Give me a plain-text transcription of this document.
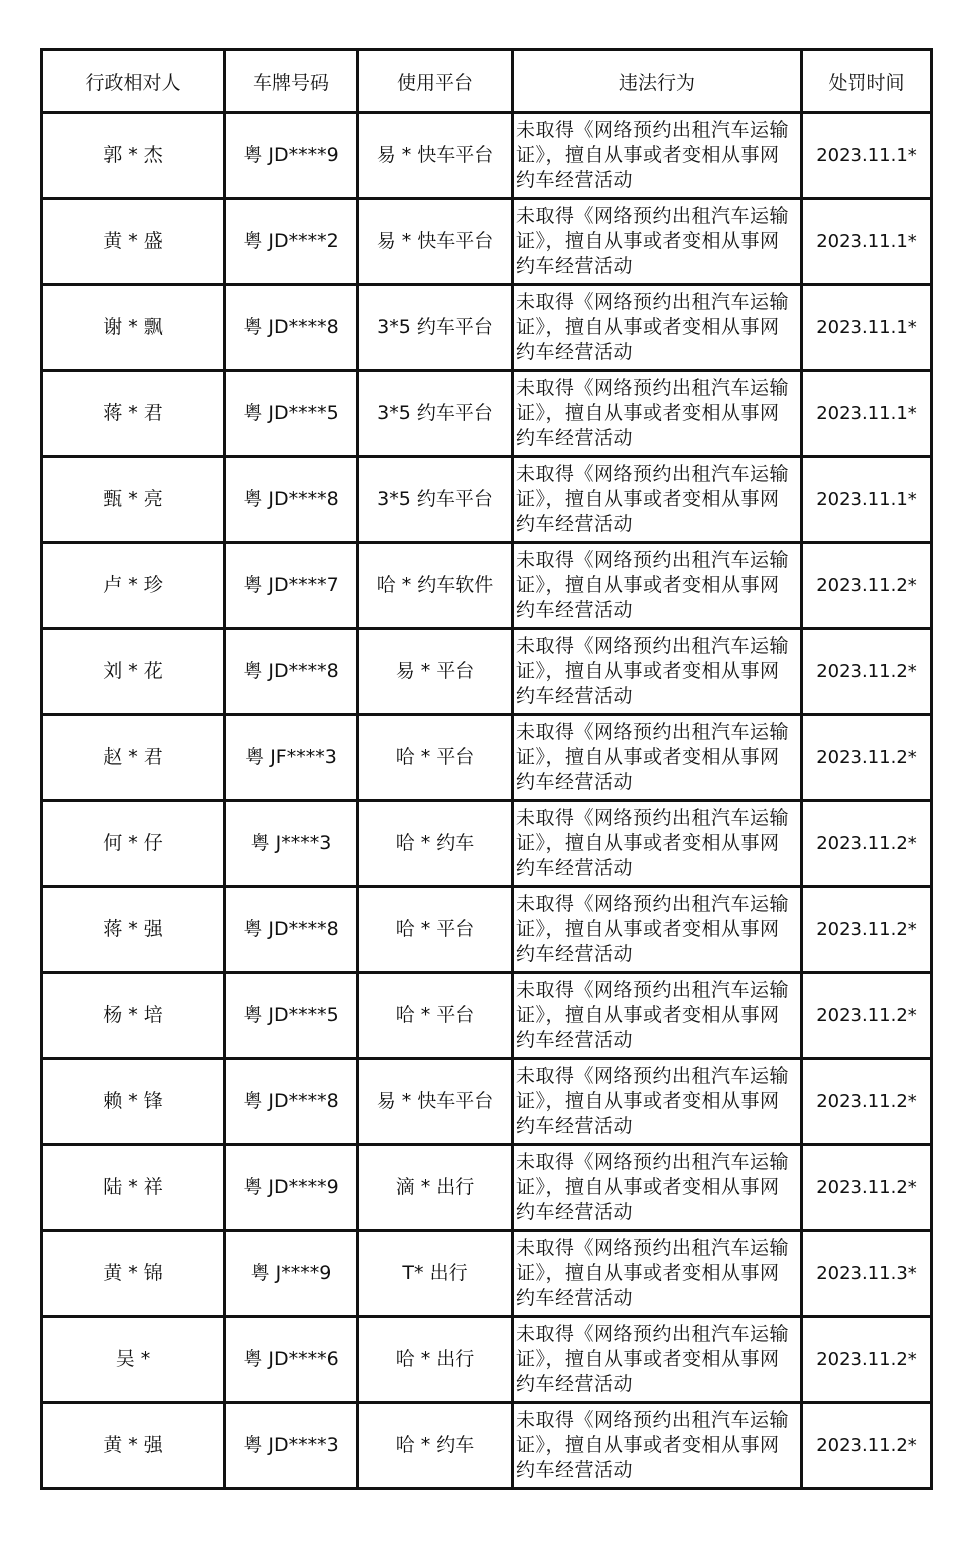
行政相对人	车牌号码	使用平台	违法行为	处罚时间
郭 * 杰	粤 JD****9	易 * 快车平台	未取得《网络预约出租汽车运输证》，擅自从事或者变相从事网约车经营活动	2023.11.1*
黄 * 盛	粤 JD****2	易 * 快车平台	未取得《网络预约出租汽车运输证》，擅自从事或者变相从事网约车经营活动	2023.11.1*
谢 * 飘	粤 JD****8	3*5 约车平台	未取得《网络预约出租汽车运输证》，擅自从事或者变相从事网约车经营活动	2023.11.1*
蒋 * 君	粤 JD****5	3*5 约车平台	未取得《网络预约出租汽车运输证》，擅自从事或者变相从事网约车经营活动	2023.11.1*
甄 * 亮	粤 JD****8	3*5 约车平台	未取得《网络预约出租汽车运输证》，擅自从事或者变相从事网约车经营活动	2023.11.1*
卢 * 珍	粤 JD****7	哈 * 约车软件	未取得《网络预约出租汽车运输证》，擅自从事或者变相从事网约车经营活动	2023.11.2*
刘 * 花	粤 JD****8	易 * 平台	未取得《网络预约出租汽车运输证》，擅自从事或者变相从事网约车经营活动	2023.11.2*
赵 * 君	粤 JF****3	哈 * 平台	未取得《网络预约出租汽车运输证》，擅自从事或者变相从事网约车经营活动	2023.11.2*
何 * 仔	粤 J****3	哈 * 约车	未取得《网络预约出租汽车运输证》，擅自从事或者变相从事网约车经营活动	2023.11.2*
蒋 * 强	粤 JD****8	哈 * 平台	未取得《网络预约出租汽车运输证》，擅自从事或者变相从事网约车经营活动	2023.11.2*
杨 * 培	粤 JD****5	哈 * 平台	未取得《网络预约出租汽车运输证》，擅自从事或者变相从事网约车经营活动	2023.11.2*
赖 * 锋	粤 JD****8	易 * 快车平台	未取得《网络预约出租汽车运输证》，擅自从事或者变相从事网约车经营活动	2023.11.2*
陆 * 祥	粤 JD****9	滴 * 出行	未取得《网络预约出租汽车运输证》，擅自从事或者变相从事网约车经营活动	2023.11.2*
黄 * 锦	粤 J****9	T* 出行	未取得《网络预约出租汽车运输证》，擅自从事或者变相从事网约车经营活动	2023.11.3*
吴 *	粤 JD****6	哈 * 出行	未取得《网络预约出租汽车运输证》，擅自从事或者变相从事网约车经营活动	2023.11.2*
黄 * 强	粤 JD****3	哈 * 约车	未取得《网络预约出租汽车运输证》，擅自从事或者变相从事网约车经营活动	2023.11.2*
